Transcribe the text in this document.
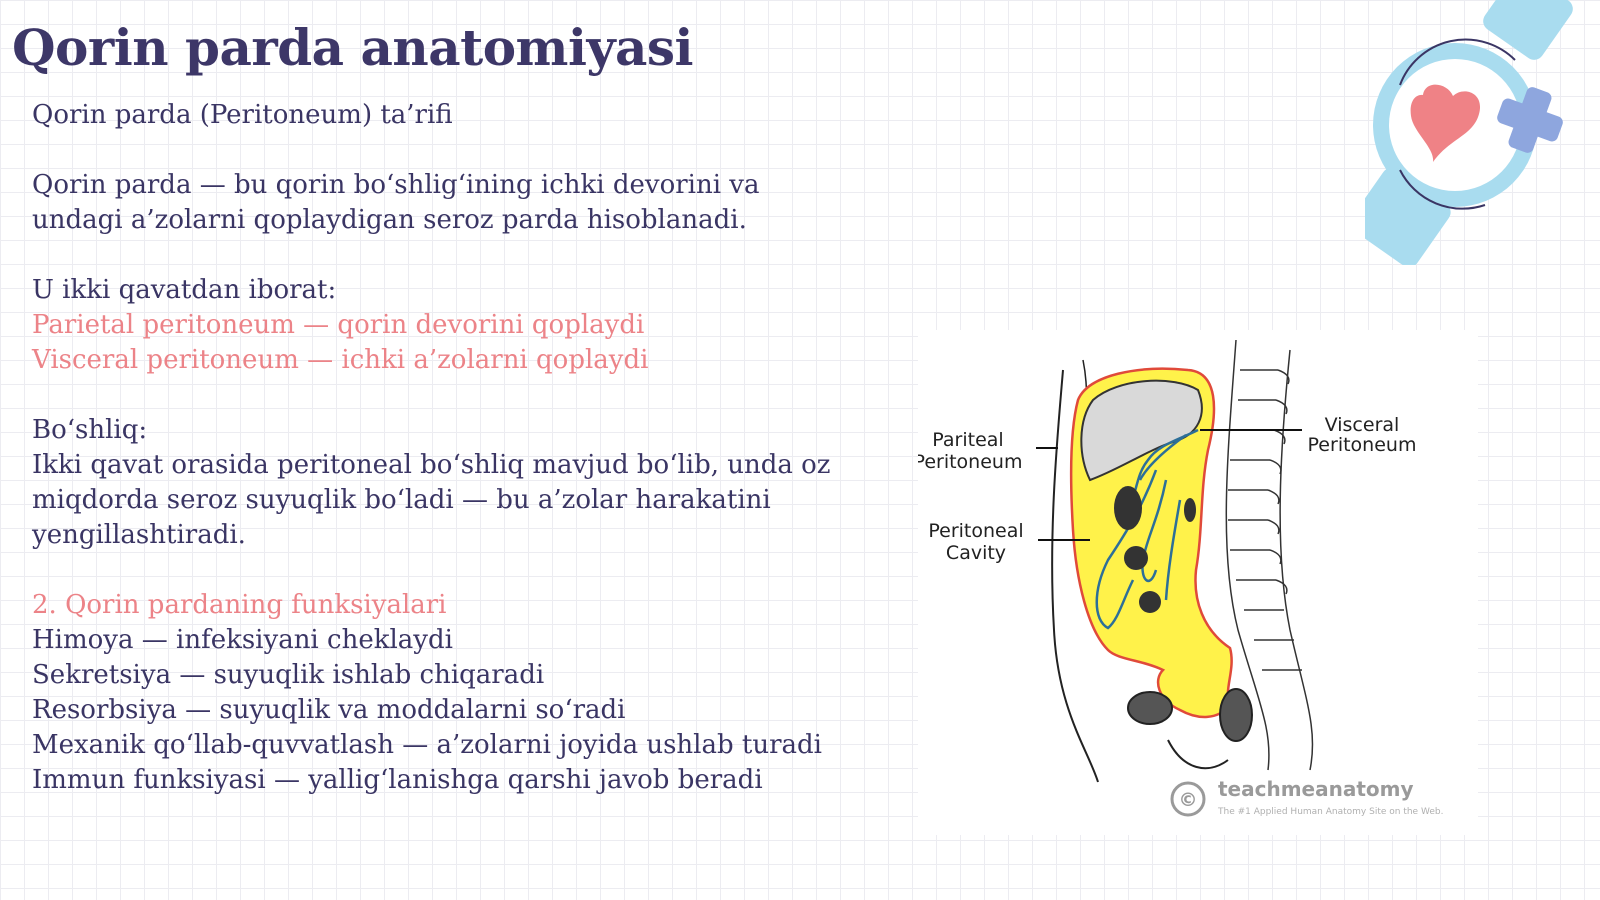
Qorin parda anatomiyasi

Qorin parda (Peritoneum) ta’rifi

Qorin parda — bu qorin bo‘shlig‘ining ichki devorini va

undagi a’zolarni qoplaydigan seroz parda hisoblanadi.

U ikki qavatdan iborat:

Parietal peritoneum — qorin devorini qoplaydi

Visceral peritoneum — ichki a’zolarni qoplaydi

Bo‘shliq:

Ikki qavat orasida peritoneal bo‘shliq mavjud bo‘lib, unda oz

miqdorda seroz suyuqlik bo‘ladi — bu a’zolar harakatini

yengillashtiradi.

2. Qorin pardaning funksiyalari

Himoya — infeksiyani cheklaydi

Sekretsiya — suyuqlik ishlab chiqaradi

Resorbsiya — suyuqlik va moddalarni so‘radi

Mexanik qo‘llab-quvvatlash — a’zolarni joyida ushlab turadi

Immun funksiyasi — yallig‘lanishga qarshi javob beradi

Pariteal
Peritoneum
Peritoneal
Cavity
Visceral
Peritoneum
© teachmeanatomy
The #1 Applied Human Anatomy Site on the Web.
